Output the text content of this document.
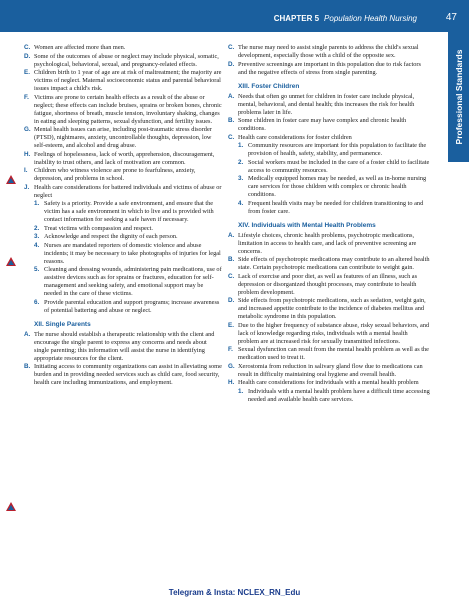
CHAPTER 5 Population Health Nursing	47
Professional Standards
C. Women are affected more than men.
D. Some of the outcomes of abuse or neglect may include physical, somatic, psychological, behavioral, sexual, and pregnancy-related effects.
E. Children birth to 1 year of age are at risk of maltreatment; the majority are victims of neglect. Maternal socioeconomic status and parental behavioral issues impact a child's risk.
F. Victims are prone to certain health effects as a result of the abuse or neglect; these effects can include bruises, sprains or broken bones, chronic fatigue, shortness of breath, muscle tension, involuntary shaking, changes in eating and sleeping patterns, sexual dysfunction, and fertility issues.
G. Mental health issues can arise, including post-traumatic stress disorder (PTSD), nightmares, anxiety, uncontrollable thoughts, depression, low self-esteem, and alcohol and drug abuse.
H. Feelings of hopelessness, lack of worth, apprehension, discouragement, inability to trust others, and lack of motivation are common.
I. Children who witness violence are prone to fearfulness, anxiety, depression, and problems in school.
J. Health care considerations for battered individuals and victims of abuse or neglect
1. Safety is a priority. Provide a safe environment, and ensure that the victim has a safe environment in which to live and is provided with contact information for seeking a safe haven if necessary.
2. Treat victims with compassion and respect.
3. Acknowledge and respect the dignity of each person.
4. Nurses are mandated reporters of domestic violence and abuse incidents; it may be necessary to take photographs of injuries for legal reasons.
5. Cleaning and dressing wounds, administering pain medications, use of assistive devices such as for sprains or fractures, education for self-management and seeking safety, and emotional support may be needed in the care of these victims.
6. Provide parental education and support programs; increase awareness of potential battering and abuse or neglect.
XII. Single Parents
A. The nurse should establish a therapeutic relationship with the client and encourage the single parent to express any concerns and needs about single parenting; this information will assist the nurse in identifying appropriate resources for the client.
B. Initiating access to community organizations can assist in alleviating some burden and in providing needed services such as child care, food security, health care including immunizations, and employment.
C. The nurse may need to assist single parents to address the child's sexual development, especially those with a child of the opposite sex.
D. Preventive screenings are important in this population due to risk factors and the negative effects of stress from single parenting.
XIII. Foster Children
A. Needs that often go unmet for children in foster care include physical, mental, behavioral, and dental health; this increases the risk for health problems later in life.
B. Some children in foster care may have complex and chronic health conditions.
C. Health care considerations for foster children
1. Community resources are important for this population to facilitate the provision of health, safety, stability, and permanence.
2. Social workers must be included in the care of a foster child to facilitate access to community resources.
3. Medically equipped homes may be needed, as well as in-home nursing care services for those children with complex or chronic health conditions.
4. Frequent health visits may be needed for children transitioning to and from foster care.
XIV. Individuals with Mental Health Problems
A. Lifestyle choices, chronic health problems, psychotropic medications, limitation in access to health care, and lack of preventive screening are concerns.
B. Side effects of psychotropic medications may contribute to an altered health state. Certain psychotropic medications can contribute to weight gain.
C. Lack of exercise and poor diet, as well as features of an illness, such as depression or disorganized thought processes, may contribute to health problem development.
D. Side effects from psychotropic medications, such as sedation, weight gain, and increased appetite contribute to the incidence of diabetes mellitus and metabolic syndrome in this population.
E. Due to the higher frequency of substance abuse, risky sexual behaviors, and lack of knowledge regarding risks, individuals with a mental health problem are at increased risk for sexually transmitted infections.
F. Sexual dysfunction can result from the mental health problem as well as the medication used to treat it.
G. Xerostomia from reduction in salivary gland flow due to medications can result in difficulty maintaining oral hygiene and overall health.
H. Health care considerations for individuals with a mental health problem
1. Individuals with a mental health problem have a difficult time accessing needed and available health care services.
Telegram & Insta: NCLEX_RN_Edu
